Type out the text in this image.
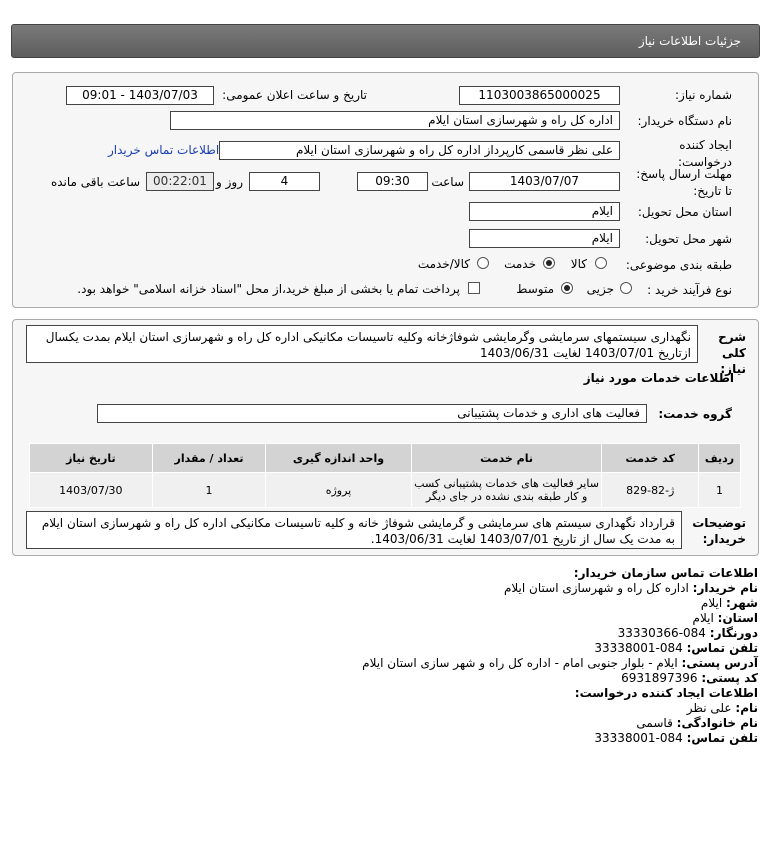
جزئیات اطلاعات نیاز
شماره نیاز:
1103003865000025
تاریخ و ساعت اعلان عمومی:
1403/07/03 - 09:01
نام دستگاه خریدار:
اداره کل راه و شهرسازی استان ایلام
ایجاد کننده درخواست:
علی نظر قاسمی کارپرداز اداره کل راه و شهرسازی استان ایلام
اطلاعات تماس خریدار
مهلت ارسال پاسخ: تا تاریخ:
1403/07/07
ساعت
09:30
4
روز و
00:22:01
ساعت باقی مانده
استان محل تحویل:
ایلام
شهر محل تحویل:
ایلام
طبقه بندی موضوعی:
کالا
خدمت
کالا/خدمت
نوع فرآیند خرید :
جزیی
متوسط
پرداخت تمام یا بخشی از مبلغ خرید،از محل "اسناد خزانه اسلامی" خواهد بود.
شرح کلی نیاز:
نگهداری سیستمهای سرمایشی وگرمایشی شوفاژخانه وکلیه تاسیسات مکانیکی اداره کل راه و شهرسازی استان ایلام بمدت یکسال ازتاریخ 1403/07/01 لغایت 1403/06/31
اطلاعات خدمات مورد نیاز
گروه خدمت:
فعالیت های اداری و خدمات پشتیبانی
ردیف	کد خدمت	نام خدمت	واحد اندازه گیری	تعداد / مقدار	تاریخ نیاز
1	ژ-82-829	سایر فعالیت های خدمات پشتیبانی کسب و کار طبقه بندی نشده در جای دیگر	پروژه	1	1403/07/30
توضیحات خریدار:
قرارداد نگهداری سیستم های سرمایشی و گرمایشی شوفاژ خانه و کلیه تاسیسات مکانیکی اداره کل راه و شهرسازی استان ایلام به مدت یک سال از تاریخ 1403/07/01 لغایت 1403/06/31.
اطلاعات تماس سازمان خریدار:
نام خریدار: اداره کل راه و شهرسازی استان ایلام
شهر: ایلام
استان: ایلام
دورنگار: 084-33330366
تلفن تماس: 084-33338001
آدرس پستی: ایلام - بلوار جنوبی امام - اداره کل راه و شهر سازی استان ایلام
کد پستی: 6931897396
اطلاعات ایجاد کننده درخواست:
نام: علی نظر
نام خانوادگی: قاسمی
تلفن تماس: 084-33338001
